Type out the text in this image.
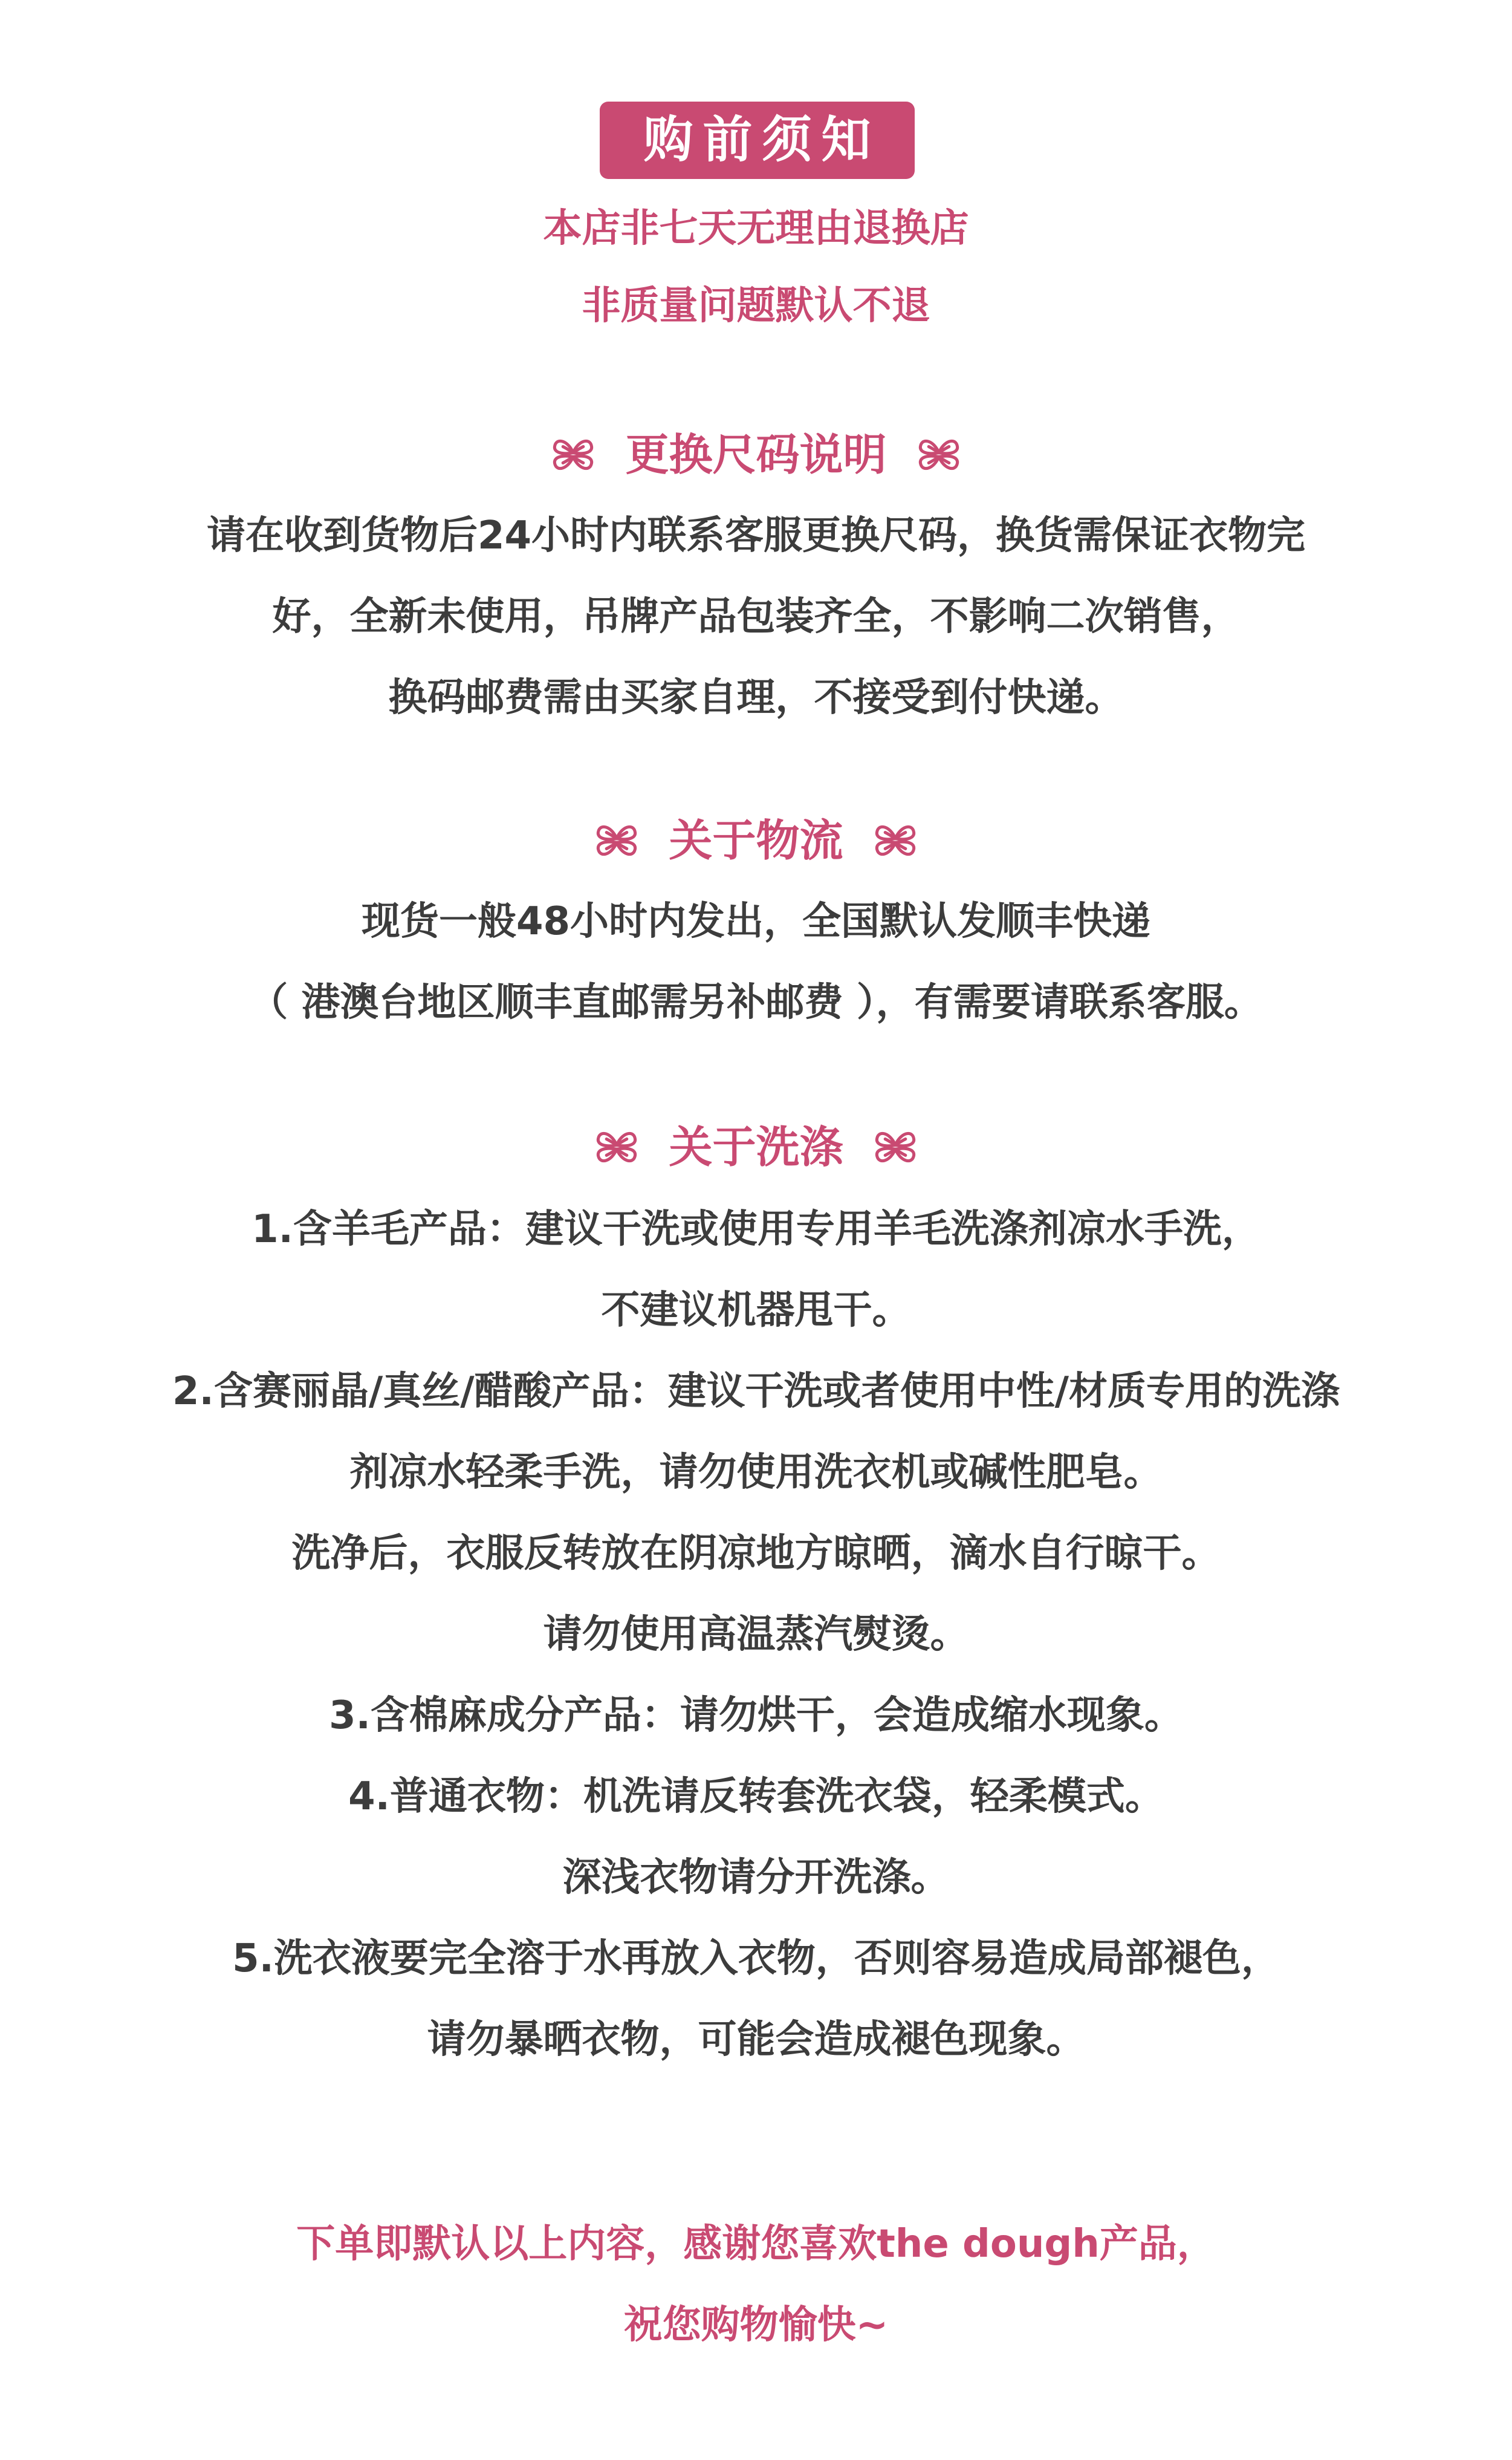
购前须知
本店非七天无理由退换店
非质量问题默认不退
更换尺码说明
请在收到货物后24小时内联系客服更换尺码，换货需保证衣物完
好，全新未使用，吊牌产品包装齐全，不影响二次销售，
换码邮费需由买家自理，不接受到付快递。
关于物流
现货一般48小时内发出，全国默认发顺丰快递
（ 港澳台地区顺丰直邮需另补邮费 ），有需要请联系客服。
关于洗涤
1.含羊毛产品：建议干洗或使用专用羊毛洗涤剂凉水手洗，
不建议机器甩干。
2.含赛丽晶/真丝/醋酸产品：建议干洗或者使用中性/材质专用的洗涤
剂凉水轻柔手洗，请勿使用洗衣机或碱性肥皂。
洗净后，衣服反转放在阴凉地方晾晒，滴水自行晾干。
请勿使用高温蒸汽熨烫。
3.含棉麻成分产品：请勿烘干，会造成缩水现象。
4.普通衣物：机洗请反转套洗衣袋，轻柔模式。
深浅衣物请分开洗涤。
5.洗衣液要完全溶于水再放入衣物，否则容易造成局部褪色，
请勿暴晒衣物，可能会造成褪色现象。
下单即默认以上内容，感谢您喜欢the dough产品，
祝您购物愉快~
